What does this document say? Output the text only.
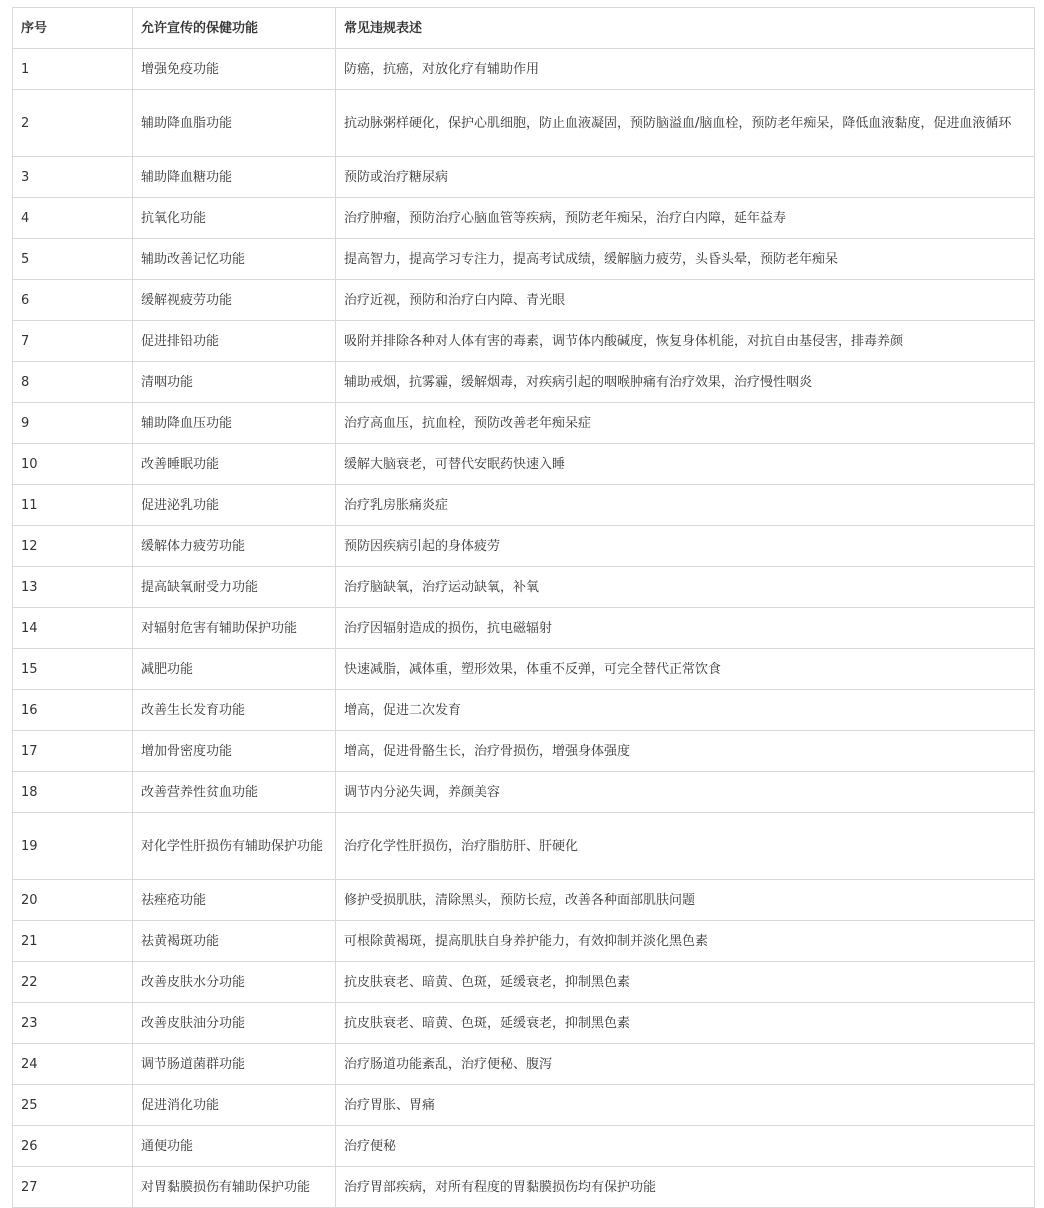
序号	允许宣传的保健功能	常见违规表述
1	增强免疫功能	防癌，抗癌，对放化疗有辅助作用
2	辅助降血脂功能	抗动脉粥样硬化，保护心肌细胞，防止血液凝固，预防脑溢血/脑血栓，预防老年痴呆，降低血液黏度，促进血液循环
3	辅助降血糖功能	预防或治疗糖尿病
4	抗氧化功能	治疗肿瘤，预防治疗心脑血管等疾病，预防老年痴呆，治疗白内障，延年益寿
5	辅助改善记忆功能	提高智力，提高学习专注力，提高考试成绩，缓解脑力疲劳，头昏头晕，预防老年痴呆
6	缓解视疲劳功能	治疗近视，预防和治疗白内障、青光眼
7	促进排铅功能	吸附并排除各种对人体有害的毒素，调节体内酸碱度，恢复身体机能，对抗自由基侵害，排毒养颜
8	清咽功能	辅助戒烟，抗雾霾，缓解烟毒，对疾病引起的咽喉肿痛有治疗效果，治疗慢性咽炎
9	辅助降血压功能	治疗高血压，抗血栓，预防改善老年痴呆症
10	改善睡眠功能	缓解大脑衰老，可替代安眠药快速入睡
11	促进泌乳功能	治疗乳房胀痛炎症
12	缓解体力疲劳功能	预防因疾病引起的身体疲劳
13	提高缺氧耐受力功能	治疗脑缺氧，治疗运动缺氧，补氧
14	对辐射危害有辅助保护功能	治疗因辐射造成的损伤，抗电磁辐射
15	减肥功能	快速减脂，减体重，塑形效果，体重不反弹，可完全替代正常饮食
16	改善生长发育功能	增高，促进二次发育
17	增加骨密度功能	增高，促进骨骼生长，治疗骨损伤，增强身体强度
18	改善营养性贫血功能	调节内分泌失调，养颜美容
19	对化学性肝损伤有辅助保护功能	治疗化学性肝损伤，治疗脂肪肝、肝硬化
20	祛痤疮功能	修护受损肌肤，清除黑头，预防长痘，改善各种面部肌肤问题
21	祛黄褐斑功能	可根除黄褐斑，提高肌肤自身养护能力，有效抑制并淡化黑色素
22	改善皮肤水分功能	抗皮肤衰老、暗黄、色斑，延缓衰老，抑制黑色素
23	改善皮肤油分功能	抗皮肤衰老、暗黄、色斑，延缓衰老，抑制黑色素
24	调节肠道菌群功能	治疗肠道功能紊乱，治疗便秘、腹泻
25	促进消化功能	治疗胃胀、胃痛
26	通便功能	治疗便秘
27	对胃黏膜损伤有辅助保护功能	治疗胃部疾病，对所有程度的胃黏膜损伤均有保护功能
